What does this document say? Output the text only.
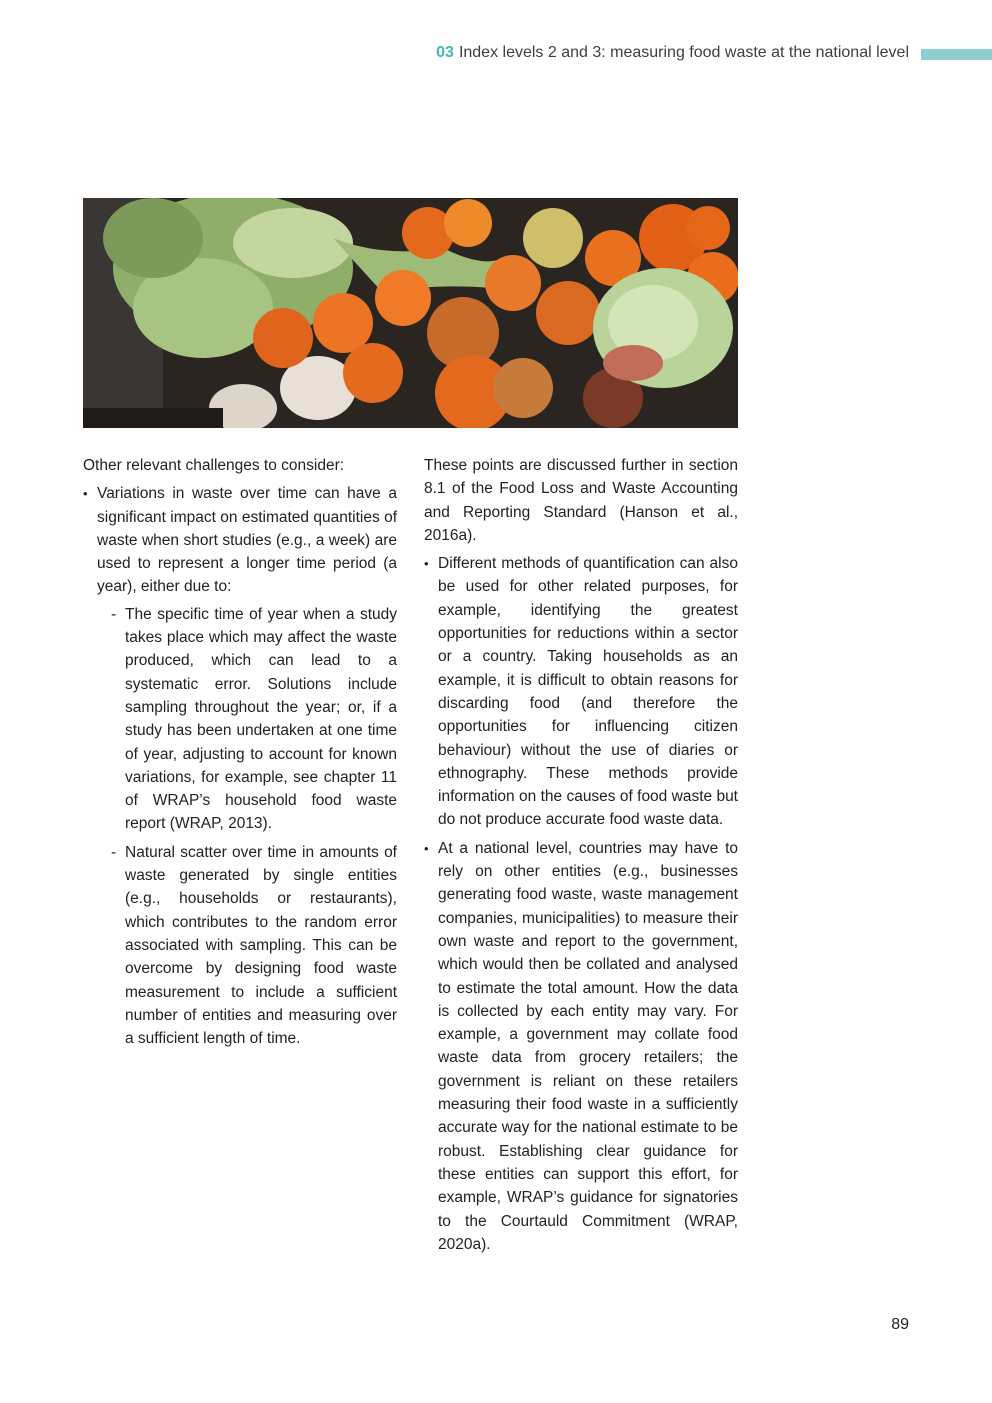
03 Index levels 2 and 3: measuring food waste at the national level

Other relevant challenges to consider:

• Variations in waste over time can have a significant impact on estimated quantities of waste when short studies (e.g., a week) are used to represent a longer time period (a year), either due to:
- The specific time of year when a study takes place which may affect the waste produced, which can lead to a systematic error. Solutions include sampling throughout the year; or, if a study has been undertaken at one time of year, adjusting to account for known variations, for example, see chapter 11 of WRAP’s household food waste report (WRAP, 2013).
- Natural scatter over time in amounts of waste generated by single entities (e.g., households or restaurants), which contributes to the random error associated with sampling. This can be overcome by designing food waste measurement to include a sufficient number of entities and measuring over a sufficient length of time.

These points are discussed further in section 8.1 of the Food Loss and Waste Accounting and Reporting Standard (Hanson et al., 2016a).

• Different methods of quantification can also be used for other related purposes, for example, identifying the greatest opportunities for reductions within a sector or a country. Taking households as an example, it is difficult to obtain reasons for discarding food (and therefore the opportunities for influencing citizen behaviour) without the use of diaries or ethnography. These methods provide information on the causes of food waste but do not produce accurate food waste data.
• At a national level, countries may have to rely on other entities (e.g., businesses generating food waste, waste management companies, municipalities) to measure their own waste and report to the government, which would then be collated and analysed to estimate the total amount. How the data is collected by each entity may vary. For example, a government may collate food waste data from grocery retailers; the government is reliant on these retailers measuring their food waste in a sufficiently accurate way for the national estimate to be robust. Establishing clear guidance for these entities can support this effort, for example, WRAP’s guidance for signatories to the Courtauld Commitment (WRAP, 2020a).
89
